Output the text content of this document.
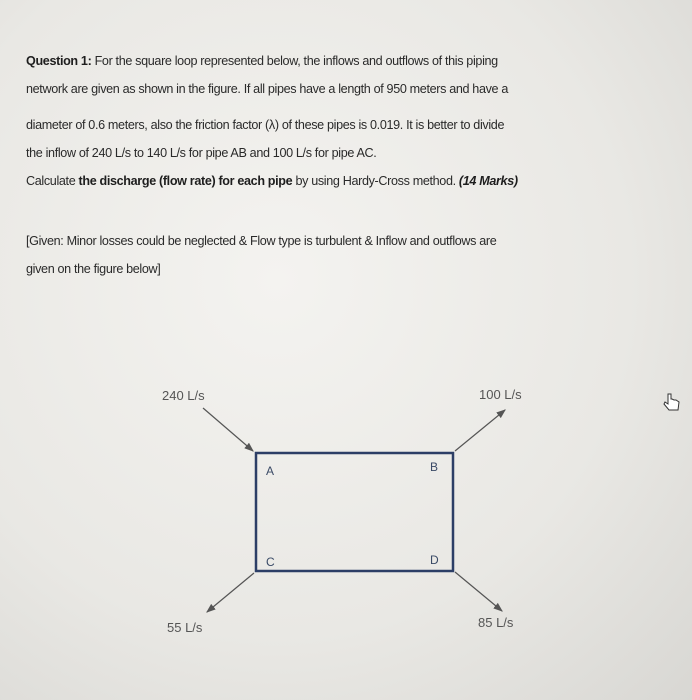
Question 1: For the square loop represented below, the inflows and outflows of this piping
network are given as shown in the figure. If all pipes have a length of 950 meters and have a
diameter of 0.6 meters, also the friction factor (λ) of these pipes is 0.019. It is better to divide
the inflow of 240 L/s to 140 L/s for pipe AB and 100 L/s for pipe AC.
Calculate the discharge (flow rate) for each pipe by using Hardy-Cross method. (14 Marks)
[Given: Minor losses could be neglected & Flow type is turbulent & Inflow and outflows are
given on the figure below]
240 L/s	100 L/s
55 L/s	85 L/s
A	B
C	D
